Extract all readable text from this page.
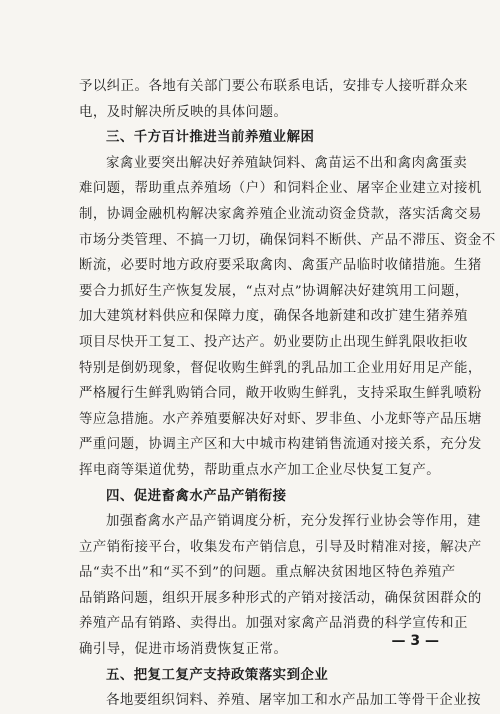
予以纠正。各地有关部门要公布联系电话，安排专人接听群众来
电，及时解决所反映的具体问题。
三、千方百计推进当前养殖业解困
家禽业要突出解决好养殖缺饲料、禽苗运不出和禽肉禽蛋卖
难问题，帮助重点养殖场（户）和饲料企业、屠宰企业建立对接机
制，协调金融机构解决家禽养殖企业流动资金贷款，落实活禽交易
市场分类管理、不搞一刀切，确保饲料不断供、产品不滞压、资金不
断流，必要时地方政府要采取禽肉、禽蛋产品临时收储措施。生猪
要合力抓好生产恢复发展，“点对点”协调解决好建筑用工问题，
加大建筑材料供应和保障力度，确保各地新建和改扩建生猪养殖
项目尽快开工复工、投产达产。奶业要防止出现生鲜乳限收拒收
特别是倒奶现象，督促收购生鲜乳的乳品加工企业用好用足产能，
严格履行生鲜乳购销合同，敞开收购生鲜乳，支持采取生鲜乳喷粉
等应急措施。水产养殖要解决好对虾、罗非鱼、小龙虾等产品压塘
严重问题，协调主产区和大中城市构建销售流通对接关系，充分发
挥电商等渠道优势，帮助重点水产加工企业尽快复工复产。
四、促进畜禽水产品产销衔接
加强畜禽水产品产销调度分析，充分发挥行业协会等作用，建
立产销衔接平台，收集发布产销信息，引导及时精准对接，解决产
品“卖不出”和“买不到”的问题。重点解决贫困地区特色养殖产
品销路问题，组织开展多种形式的产销对接活动，确保贫困群众的
养殖产品有销路、卖得出。加强对家禽产品消费的科学宣传和正
确引导，促进市场消费恢复正常。
五、把复工复产支持政策落实到企业
各地要组织饲料、养殖、屠宰加工和水产品加工等骨干企业按
— 3 —
